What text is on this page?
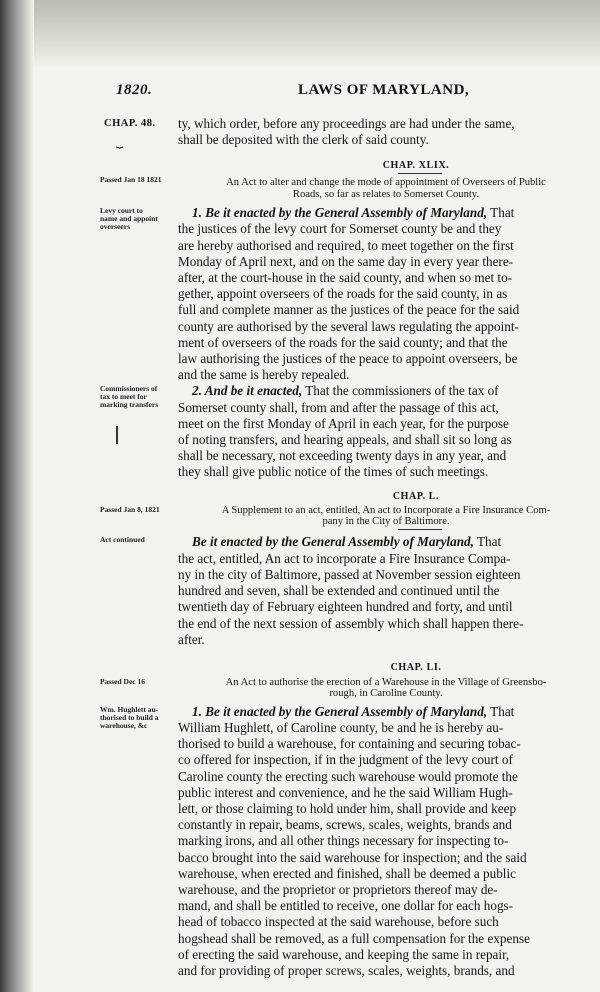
1820.	LAWS OF MARYLAND,
CHAP. 48.
⏟
ty, which order, before any proceedings are had under the same,
shall be deposited with the clerk of said county.
CHAP. XLIX.
Passed Jan 18 1821	An Act to alter and change the mode of appointment of Overseers of Public
Roads, so far as relates to Somerset County.
Levy court to
name and appoint
overseers
1. Be it enacted by the General Assembly of Maryland, That
the justices of the levy court for Somerset county be and they
are hereby authorised and required, to meet together on the first
Monday of April next, and on the same day in every year there-
after, at the court-house in the said county, and when so met to-
gether, appoint overseers of the roads for the said county, in as
full and complete manner as the justices of the peace for the said
county are authorised by the several laws regulating the appoint-
ment of overseers of the roads for the said county; and that the
law authorising the justices of the peace to appoint overseers, be
and the same is hereby repealed.
Commissioners of
tax to meet for
marking transfers
2. And be it enacted, That the commissioners of the tax of
Somerset county shall, from and after the passage of this act,
meet on the first Monday of April in each year, for the purpose
of noting transfers, and hearing appeals, and shall sit so long as
shall be necessary, not exceeding twenty days in any year, and
they shall give public notice of the times of such meetings.
CHAP. L.
Passed Jan 8, 1821	A Supplement to an act, entitled, An act to Incorporate a Fire Insurance Com-
pany in the City of Baltimore.
Act continued	Be it enacted by the General Assembly of Maryland, That
the act, entitled, An act to incorporate a Fire Insurance Compa-
ny in the city of Baltimore, passed at November session eighteen
hundred and seven, shall be extended and continued until the
twentieth day of February eighteen hundred and forty, and until
the end of the next session of assembly which shall happen there-
after.
CHAP. LI.
Passed Dec 16	An Act to authorise the erection of a Warehouse in the Village of Greensbo-
rough, in Caroline County.
Wm. Hughlett au-
thorised to build a
warehouse, &c
1. Be it enacted by the General Assembly of Maryland, That
William Hughlett, of Caroline county, be and he is hereby au-
thorised to build a warehouse, for containing and securing tobac-
co offered for inspection, if in the judgment of the levy court of
Caroline county the erecting such warehouse would promote the
public interest and convenience, and he the said William Hugh-
lett, or those claiming to hold under him, shall provide and keep
constantly in repair, beams, screws, scales, weights, brands and
marking irons, and all other things necessary for inspecting to-
bacco brought into the said warehouse for inspection; and the said
warehouse, when erected and finished, shall be deemed a public
warehouse, and the proprietor or proprietors thereof may de-
mand, and shall be entitled to receive, one dollar for each hogs-
head of tobacco inspected at the said warehouse, before such
hogshead shall be removed, as a full compensation for the expense
of erecting the said warehouse, and keeping the same in repair,
and for providing of proper screws, scales, weights, brands, and
